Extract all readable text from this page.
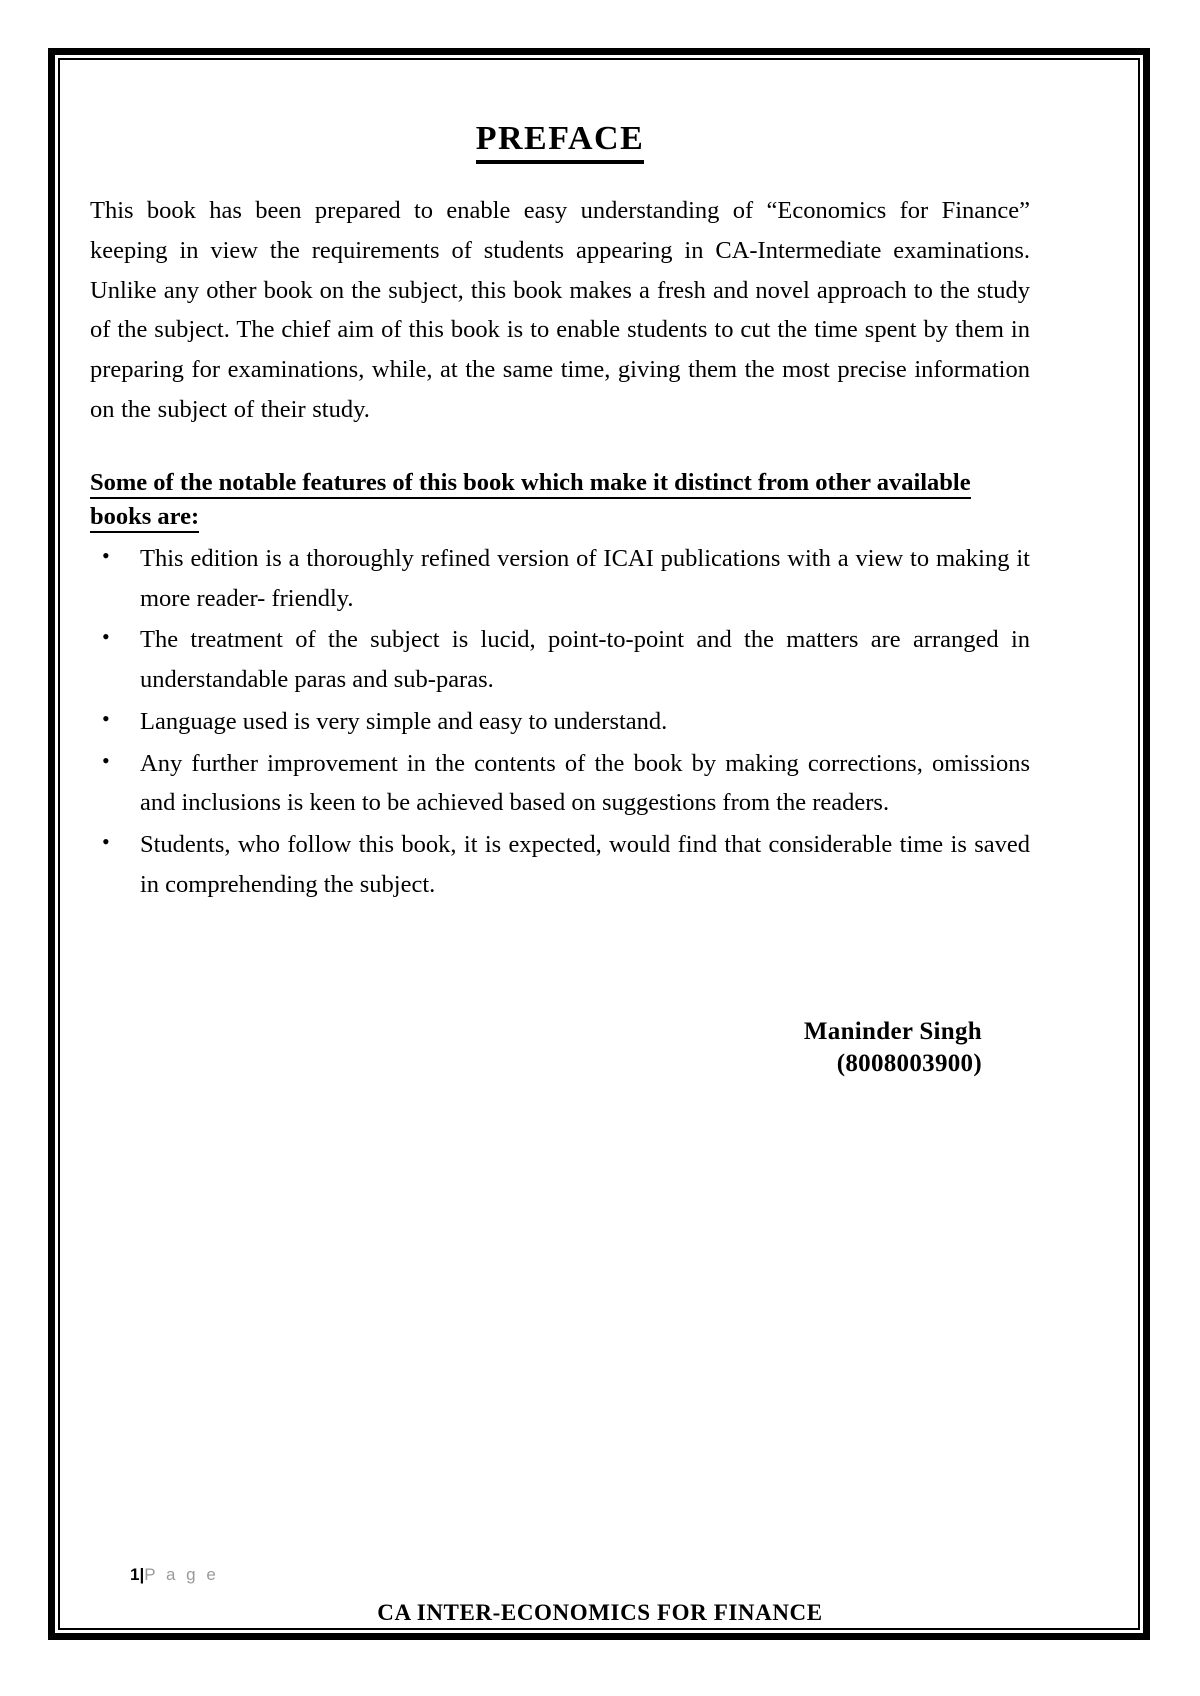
PREFACE

This book has been prepared to enable easy understanding of “Economics for Finance” keeping in view the requirements of students appearing in CA-Intermediate examinations. Unlike any other book on the subject, this book makes a fresh and novel approach to the study of the subject. The chief aim of this book is to enable students to cut the time spent by them in preparing for examinations, while, at the same time, giving them the most precise information on the subject of their study.

Some of the notable features of this book which make it distinct from other available books are:
• This edition is a thoroughly refined version of ICAI publications with a view to making it more reader- friendly.
• The treatment of the subject is lucid, point-to-point and the matters are arranged in understandable paras and sub-paras.
• Language used is very simple and easy to understand.
• Any further improvement in the contents of the book by making corrections, omissions and inclusions is keen to be achieved based on suggestions from the readers.
• Students, who follow this book, it is expected, would find that considerable time is saved in comprehending the subject.
Maninder Singh
(8008003900)
1|P a g e
CA INTER-ECONOMICS FOR FINANCE
